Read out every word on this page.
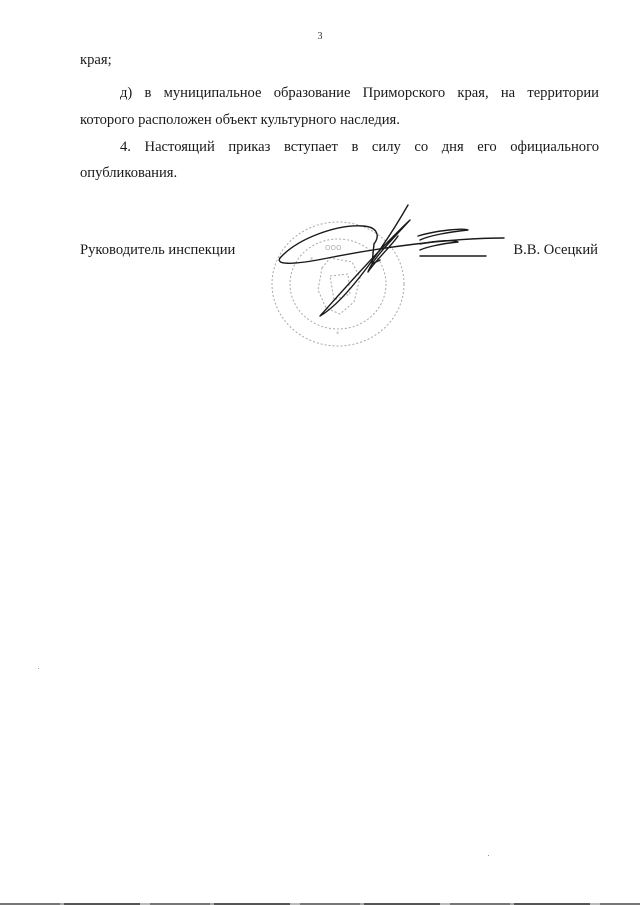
3
края;
д) в муниципальное образование Приморского края, на территории
которого расположен объект культурного наследия.
4. Настоящий приказ вступает в силу со дня его официального
опубликования.
ООО
*
*
Руководитель инспекции	В.В. Осецкий
